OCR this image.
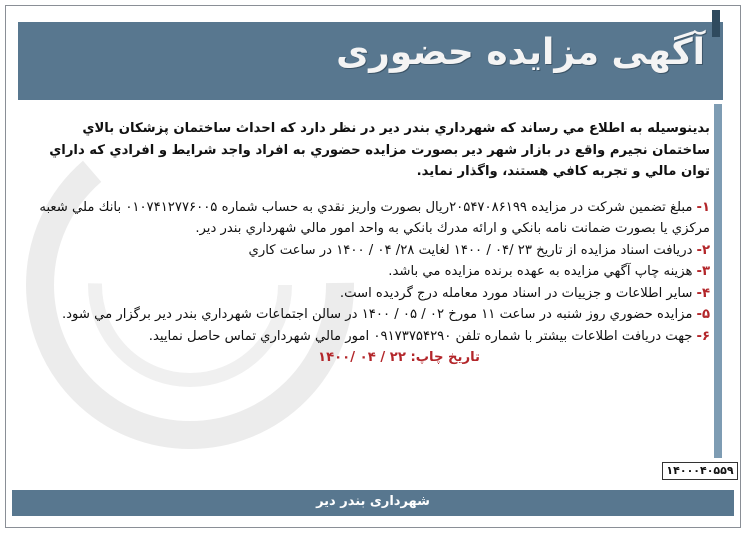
آگهی مزایده حضوری
بدينوسيله به اطلاع مي رساند كه شهرداري بندر دير در نظر دارد كه احداث ساختمان پزشكان بالاي ساختمان نجيرم واقع در بازار شهر دير بصورت مزايده حضوري به افراد واجد شرايط و افرادي كه داراي توان مالي و تجربه كافي هستند، واگذار نمايد.
۱-مبلغ تضمين شركت در مزايده ۲۰۵۴۷۰۸۶۱۹۹ريال بصورت واريز نقدي به حساب شماره ۰۱۰۷۴۱۲۷۷۶۰۰۵ بانك ملي شعبه مركزي يا بصورت ضمانت نامه بانكي و ارائه مدرك بانكي به واحد امور مالي شهرداري بندر دير.
۲-دريافت اسناد مزايده از تاريخ ۲۳ /۰۴ / ۱۴۰۰ لغايت ۲۸/ ۰۴ / ۱۴۰۰ در ساعت كاري
۳-هزينه چاپ آگهي مزايده به عهده برنده مزايده مي باشد.
۴-ساير اطلاعات و جزييات در اسناد مورد معامله درج گرديده است.
۵-مزايده حضوري روز شنبه در ساعت ۱۱ مورخ ۰۲ / ۰۵ / ۱۴۰۰ در سالن اجتماعات شهرداري بندر دير برگزار مي شود.
۶-جهت دريافت اطلاعات بيشتر با شماره تلفن ۰۹۱۷۳۷۵۴۲۹۰ امور مالي شهرداري تماس حاصل نماييد.
تاريخ چاپ: ۲۲ / ۰۴ /۱۴۰۰
۱۴۰۰۰۴۰۵۵۹
شهرداری بندر دیر
